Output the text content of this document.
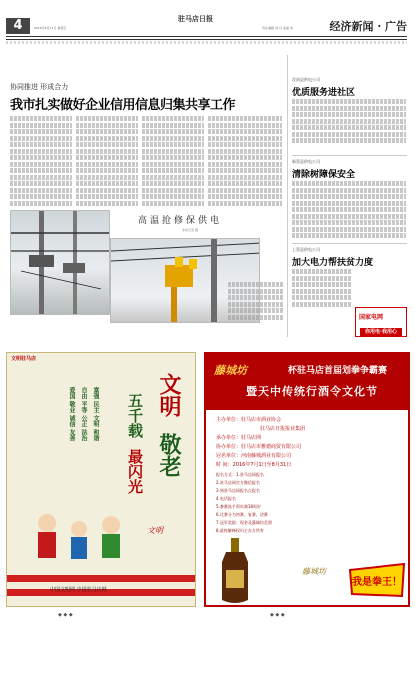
4	2016年6月17日 星期五
驻马店日报
责任编辑 刘 丹 美编 刘	经济新闻 · 广告
协同推进 形成合力
我市扎实做好企业信用信息归集共享工作
高温抢修保供电
本报记者 摄
汝南县供电公司
优质服务进社区
新蔡县供电公司
清除树障保安全
上蔡县供电公司
加大电力帮扶贫力度
国家电网
你用电·我用心
文明驻马店
文明
敬老
五千载
最闪光
富强 民主 文明 和谐
自由 平等 公正 法治
爱国 敬业 诚信 友善
文明
中国文明网 中国驻马店网
藤城坊	杯驻马店首届划拳争霸赛
暨天中传统行酒令文化节
主办单位：驻马店市酒业协会
驻马店日报报业集团
承办单位：驻马店网
协办单位：驻马店市雅德商贸有限公司
冠名单位：河南藤城酒业有限公司
时 间：2016年7月1日至8月31日
报名方式：1.驻马店网报名
2.驻马店网官方微信报名
3.到驻马店网报名点报名
4.电话报名
5.参赛选手须年满18周岁
6.比赛分为初赛、复赛、决赛
7.冠军奖励：现金及藤城坊美酒
8.最终解释权归主办方所有
藤城坊
我是拳王！
◆ ◆ ◆	◆ ◆ ◆
